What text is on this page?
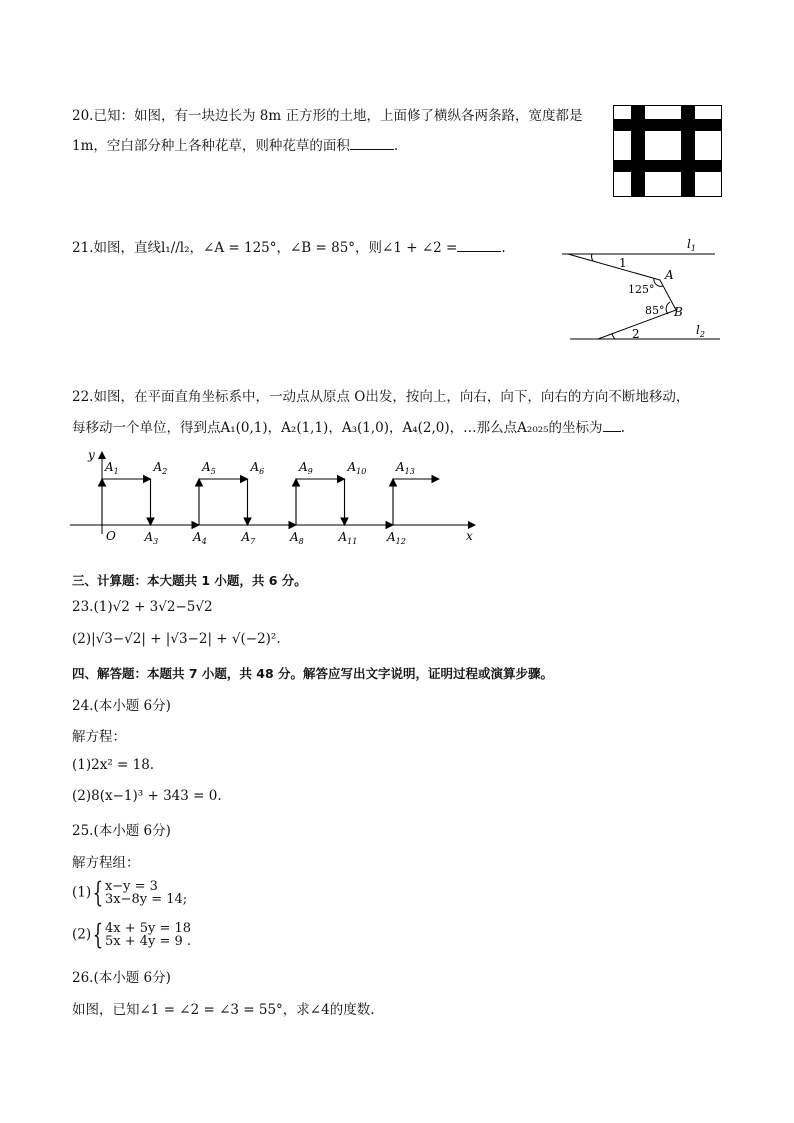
20.已知：如图，有一块边长为 8m 正方形的土地，上面修了横纵各两条路，宽度都是
1m，空白部分种上各种花草，则种花草的面积	.
21.如图，直线l₁//l₂，∠A = 125°，∠B = 85°，则∠1 + ∠2 =	.	$l_1$
$l_2$
1
2
A
B
125°
85°
22.如图，在平面直角坐标系中，一动点从原点 O出发，按向上，向右，向下，向右的方向不断地移动，
每移动一个单位，得到点A₁(0,1)，A₂(1,1)，A₃(1,0)，A₄(2,0)，…那么点A₂₀₂₅的坐标为 .
y
x
O
$A_1$	$A_2$	$A_5$	$A_6$	$A_9$	$A_{10}$ $A_{13}$
$A_3$	$A_4$	$A_7$	$A_8$	$A_{11}$ $A_{12}$
三、计算题：本大题共 1 小题，共 6 分。
23.(1)√2 + 3√2−5√2
(2)|√3−√2| + |√3−2| + √(−2)².
四、解答题：本题共 7 小题，共 48 分。解答应写出文字说明，证明过程或演算步骤。
24.(本小题 6分)
解方程：
(1)2x² = 18.
(2)8(x−1)³ + 343 = 0.
25.(本小题 6分)
解方程组：
(1){ x−y = 3
3x−8y = 14;
(2){ 4x + 5y = 18
5x + 4y = 9 .
26.(本小题 6分)
如图，已知∠1 = ∠2 = ∠3 = 55°，求∠4的度数.
